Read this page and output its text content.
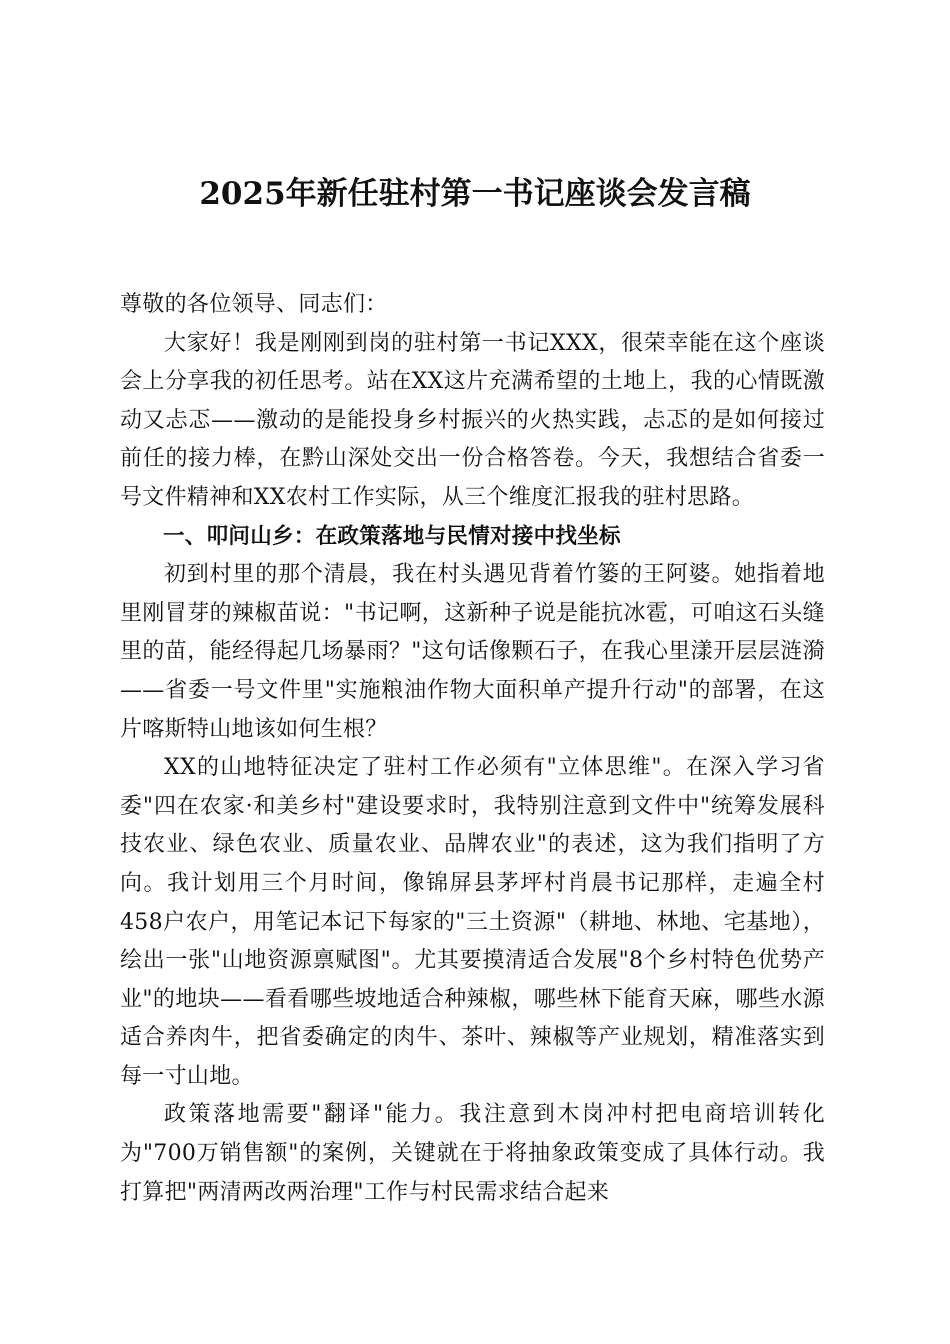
2025年新任驻村第一书记座谈会发言稿

尊敬的各位领导、同志们：

大家好！我是刚刚到岗的驻村第一书记XXX，很荣幸能在这个座谈会上分享我的初任思考。站在XX这片充满希望的土地上，我的心情既激动又忐忑——激动的是能投身乡村振兴的火热实践，忐忑的是如何接过前任的接力棒，在黔山深处交出一份合格答卷。今天，我想结合省委一号文件精神和XX农村工作实际，从三个维度汇报我的驻村思路。

一、叩问山乡：在政策落地与民情对接中找坐标

初到村里的那个清晨，我在村头遇见背着竹篓的王阿婆。她指着地里刚冒芽的辣椒苗说："书记啊，这新种子说是能抗冰雹，可咱这石头缝里的苗，能经得起几场暴雨？"这句话像颗石子，在我心里漾开层层涟漪——省委一号文件里"实施粮油作物大面积单产提升行动"的部署，在这片喀斯特山地该如何生根？

XX的山地特征决定了驻村工作必须有"立体思维"。在深入学习省委"四在农家·和美乡村"建设要求时，我特别注意到文件中"统筹发展科技农业、绿色农业、质量农业、品牌农业"的表述，这为我们指明了方向。我计划用三个月时间，像锦屏县茅坪村肖晨书记那样，走遍全村458户农户，用笔记本记下每家的"三土资源"（耕地、林地、宅基地），绘出一张"山地资源禀赋图"。尤其要摸清适合发展"8个乡村特色优势产业"的地块——看看哪些坡地适合种辣椒，哪些林下能育天麻，哪些水源适合养肉牛，把省委确定的肉牛、茶叶、辣椒等产业规划，精准落实到每一寸山地。

政策落地需要"翻译"能力。我注意到木岗冲村把电商培训转化为"700万销售额"的案例，关键就在于将抽象政策变成了具体行动。我打算把"两清两改两治理"工作与村民需求结合起来
